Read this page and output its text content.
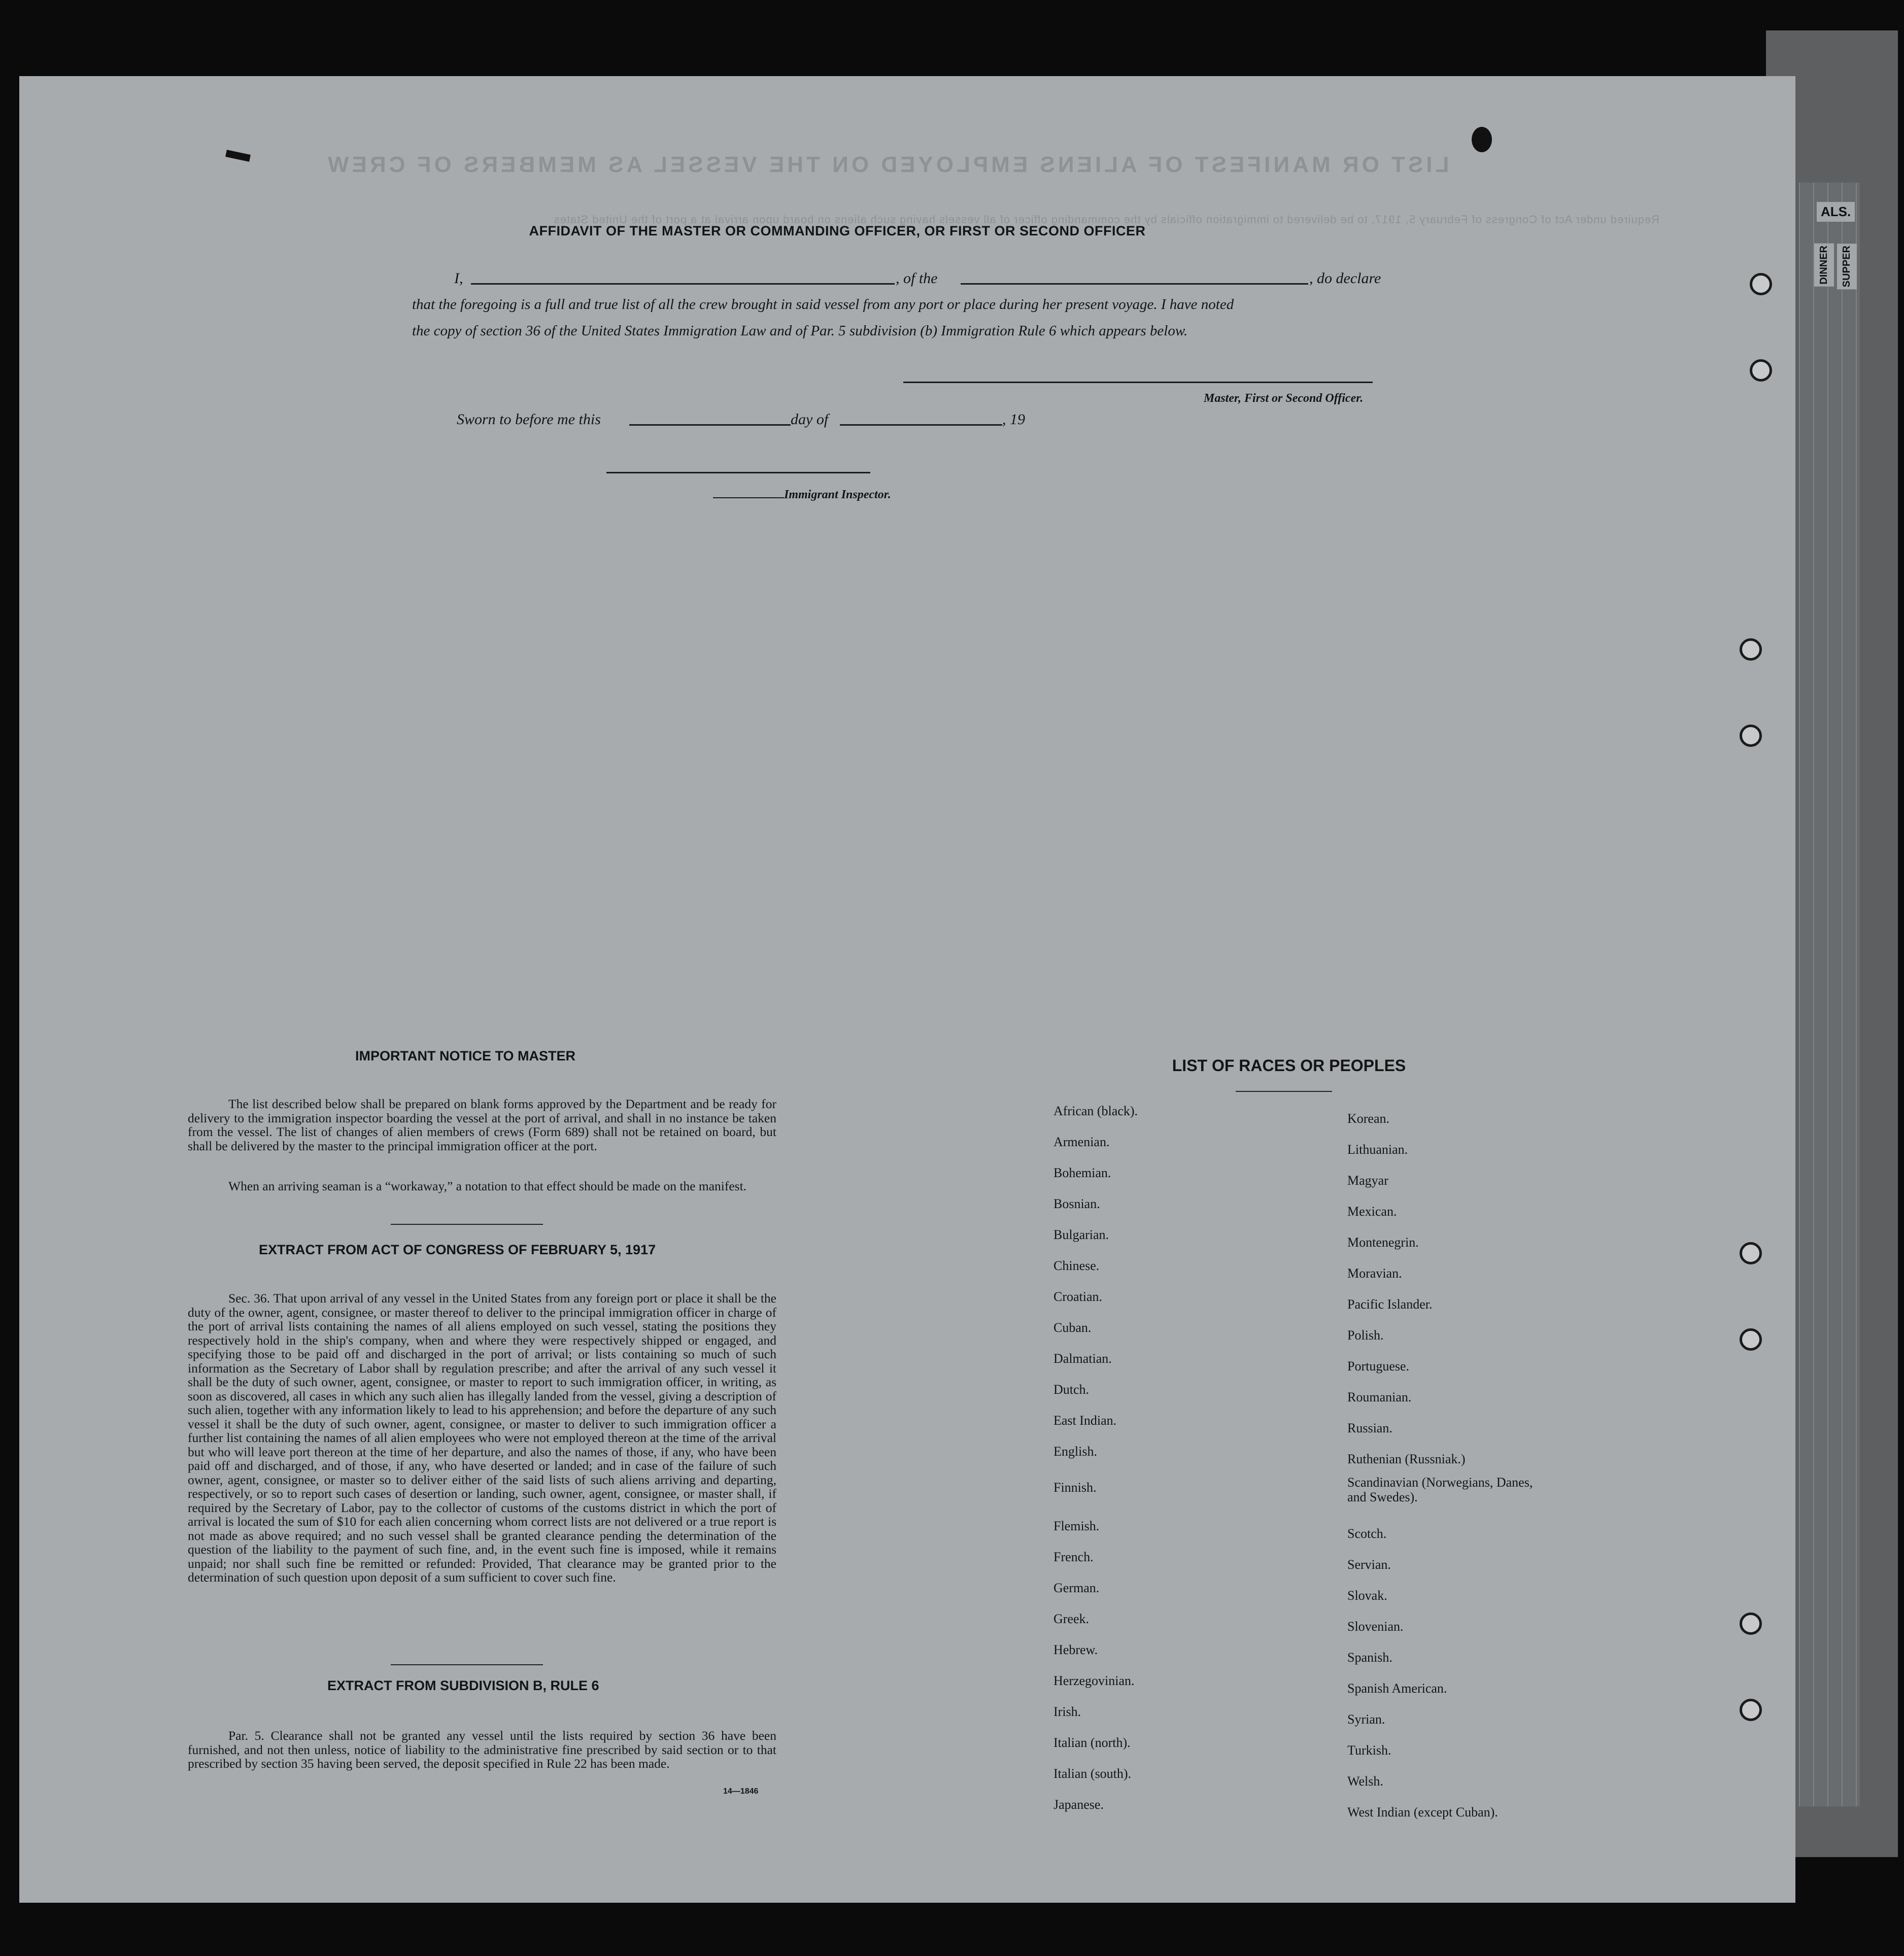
ALS.
DINNER	SUPPER
LIST OR MANIFEST OF ALIENS EMPLOYED ON THE VESSEL AS MEMBERS OF CREW
Required under Act of Congress of February 5, 1917, to be delivered to immigration officials by the commanding officer of all vessels having such aliens on board upon arrival at a port of the United States
AFFIDAVIT OF THE MASTER OR COMMANDING OFFICER, OR FIRST OR SECOND OFFICER
I,	, of the	, do declare
that the foregoing is a full and true list of all the crew brought in said vessel from any port or place during her present voyage. I have noted
the copy of section 36 of the United States Immigration Law and of Par. 5 subdivision (b) Immigration Rule 6 which appears below.
Master, First or Second Officer.
Sworn to before me this	day of	, 19
Immigrant Inspector.
IMPORTANT NOTICE TO MASTER
The list described below shall be prepared on blank forms approved by the Department and be ready for delivery to the immigration inspector boarding the vessel at the port of arrival, and shall in no instance be taken from the vessel. The list of changes of alien members of crews (Form 689) shall not be retained on board, but shall be delivered by the master to the principal immigration officer at the port.
When an arriving seaman is a “workaway,” a notation to that effect should be made on the manifest.
EXTRACT FROM ACT OF CONGRESS OF FEBRUARY 5, 1917
Sec. 36. That upon arrival of any vessel in the United States from any foreign port or place it shall be the duty of the owner, agent, consignee, or master thereof to deliver to the principal immigration officer in charge of the port of arrival lists containing the names of all aliens employed on such vessel, stating the positions they respectively hold in the ship's company, when and where they were respectively shipped or engaged, and specifying those to be paid off and discharged in the port of arrival; or lists containing so much of such information as the Secretary of Labor shall by regulation prescribe; and after the arrival of any such vessel it shall be the duty of such owner, agent, consignee, or master to report to such immigration officer, in writing, as soon as discovered, all cases in which any such alien has illegally landed from the vessel, giving a description of such alien, together with any information likely to lead to his apprehension; and before the departure of any such vessel it shall be the duty of such owner, agent, consignee, or master to deliver to such immigration officer a further list containing the names of all alien employees who were not employed thereon at the time of the arrival but who will leave port thereon at the time of her departure, and also the names of those, if any, who have been paid off and discharged, and of those, if any, who have deserted or landed; and in case of the failure of such owner, agent, consignee, or master so to deliver either of the said lists of such aliens arriving and departing, respectively, or so to report such cases of desertion or landing, such owner, agent, consignee, or master shall, if required by the Secretary of Labor, pay to the collector of customs of the customs district in which the port of arrival is located the sum of $10 for each alien concerning whom correct lists are not delivered or a true report is not made as above required; and no such vessel shall be granted clearance pending the determination of the question of the liability to the payment of such fine, and, in the event such fine is imposed, while it remains unpaid; nor shall such fine be remitted or refunded: Provided, That clearance may be granted prior to the determination of such question upon deposit of a sum sufficient to cover such fine.
EXTRACT FROM SUBDIVISION B, RULE 6
Par. 5. Clearance shall not be granted any vessel until the lists required by section 36 have been furnished, and not then unless, notice of liability to the administrative fine prescribed by said section or to that prescribed by section 35 having been served, the deposit specified in Rule 22 has been made.
14—1846
LIST OF RACES OR PEOPLES
African (black).
Armenian.
Bohemian.
Bosnian.
Bulgarian.
Chinese.
Croatian.
Cuban.
Dalmatian.
Dutch.
East Indian.
English.
Finnish.
Flemish.
French.
German.
Greek.
Hebrew.
Herzegovinian.
Irish.
Italian (north).
Italian (south).
Japanese.
Korean.
Lithuanian.
Magyar
Mexican.
Montenegrin.
Moravian.
Pacific Islander.
Polish.
Portuguese.
Roumanian.
Russian.
Ruthenian (Russniak.)
Scandinavian (Norwegians, Danes, and Swedes).
Scotch.
Servian.
Slovak.
Slovenian.
Spanish.
Spanish American.
Syrian.
Turkish.
Welsh.
West Indian (except Cuban).
